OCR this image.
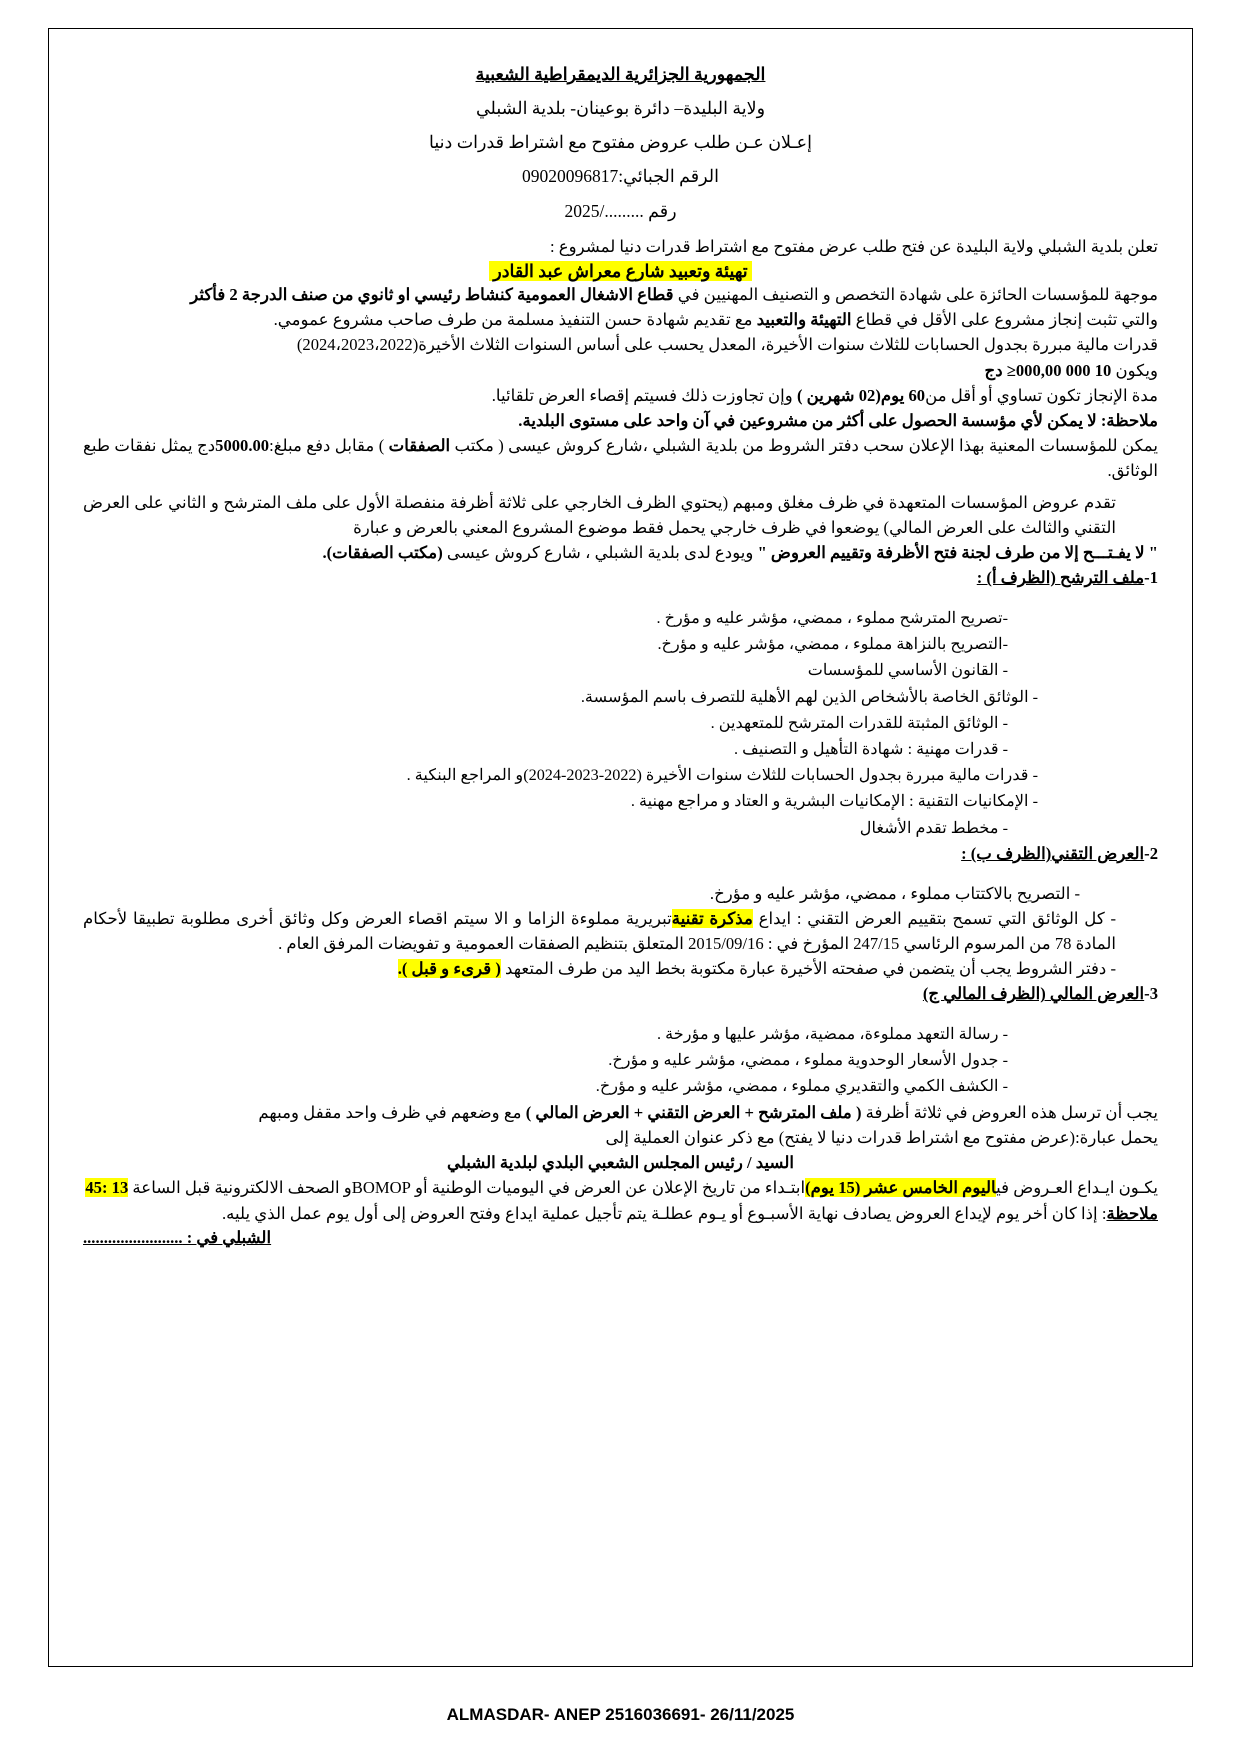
الجمهورية الجزائرية الديمقراطية الشعبية
ولاية البليدة– دائرة بوعينان- بلدية الشبلي
إعـلان عـن طلب عروض مفتوح مع اشتراط قدرات دنيا
الرقم الجبائي:09020096817
رقم ........./2025

تعلن بلدية الشبلي ولاية البليدة عن فتح طلب عرض مفتوح مع اشتراط قدرات دنيا لمشروع :

تهيئة وتعبيد شارع معراش عبد القادر

موجهة للمؤسسات الحائزة على شهادة التخصص و التصنيف المهنيين في قطاع الاشغال العمومية كنشاط رئيسي او ثانوي من صنف الدرجة 2 فأكثر

والتي تثبت إنجاز مشروع على الأقل في قطاع التهيئة والتعبيد مع تقديم شهادة حسن التنفيذ مسلمة من طرف صاحب مشروع عمومي.

قدرات مالية مبررة بجدول الحسابات للثلاث سنوات الأخيرة، المعدل يحسب على أساس السنوات الثلاث الأخيرة(2024،2023،2022)

ويكون 10 000 000,00≤ دج

مدة الإنجاز تكون تساوي أو أقل من60 يوم(02 شهرين ) وإن تجاوزت ذلك فسيتم إقصاء العرض تلقائيا.

ملاحظة: لا يمكن لأي مؤسسة الحصول على أكثر من مشروعين في آن واحد على مستوى البلدية.

يمكن للمؤسسات المعنية بهذا الإعلان سحب دفتر الشروط من بلدية الشبلي ،شارع كروش عيسى ( مكتب الصفقات ) مقابل دفع مبلغ:5000.00دج يمثل نفقات طبع الوثائق.

تقدم عروض المؤسسات المتعهدة في ظرف مغلق ومبهم (يحتوي الظرف الخارجي على ثلاثة أظرفة منفصلة الأول على ملف المترشح و الثاني على العرض التقني والثالث على العرض المالي) يوضعوا في ظرف خارجي يحمل فقط موضوع المشروع المعني بالعرض و عبارة

" لا يفـتـــح إلا من طرف لجنة فتح الأظرفة وتقييم العروض " ويودع لدى بلدية الشبلي ، شارع كروش عيسى (مكتب الصفقات).

1-ملف الترشح (الظرف أ) :

-تصريح المترشح مملوء ، ممضي، مؤشر عليه و مؤرخ .
-التصريح بالنزاهة مملوء ، ممضي، مؤشر عليه و مؤرخ.
- القانون الأساسي للمؤسسات
- الوثائق الخاصة بالأشخاص الذين لهم الأهلية للتصرف باسم المؤسسة.
- الوثائق المثبتة للقدرات المترشح للمتعهدين .
- قدرات مهنية : شهادة التأهيل و التصنيف .
- قدرات مالية مبررة بجدول الحسابات للثلاث سنوات الأخيرة (2022-2023-2024)و المراجع البنكية .
- الإمكانيات التقنية : الإمكانيات البشرية و العتاد و مراجع مهنية .
- مخطط تقدم الأشغال

2-العرض التقني(الظرف ب) :

- التصريح بالاكتتاب مملوء ، ممضي، مؤشر عليه و مؤرخ.

- كل الوثائق التي تسمح بتقييم العرض التقني : ايداع مذكرة تقنيةتبريرية مملوءة الزاما و الا سيتم اقصاء العرض وكل وثائق أخرى مطلوبة تطبيقا لأحكام المادة 78 من المرسوم الرئاسي 247/15 المؤرخ في : 2015/09/16 المتعلق بتنظيم الصفقات العمومية و تفويضات المرفق العام .

- دفتر الشروط يجب أن يتضمن في صفحته الأخيرة عبارة مكتوبة بخط اليد من طرف المتعهد ( قرىء و قبل ).

3-العرض المالي (الظرف المالي ج)

- رسالة التعهد مملوءة، ممضية، مؤشر عليها و مؤرخة .
- جدول الأسعار الوحدوية مملوء ، ممضي، مؤشر عليه و مؤرخ.
- الكشف الكمي والتقديري مملوء ، ممضي، مؤشر عليه و مؤرخ.

يجب أن ترسل هذه العروض في ثلاثة أظرفة ( ملف المترشح + العرض التقني + العرض المالي ) مع وضعهم في ظرف واحد مقفل ومبهم

يحمل عبارة:(عرض مفتوح مع اشتراط قدرات دنيا لا يفتح) مع ذكر عنوان العملية إلى

السيد / رئيس المجلس الشعبي البلدي لبلدية الشبلي

يكـون ايـداع العـروض فياليوم الخامس عشر (15 يوم)ابتـداء من تاريخ الإعلان عن العرض في اليوميات الوطنية أو BOMOPو الصحف الالكترونية قبل الساعة 13 :45

ملاحظة: إذا كان أخر يوم لإيداع العروض يصادف نهاية الأسبـوع أو يـوم عطلـة يتم تأجيل عملية ايداع وفتح العروض إلى أول يوم عمل الذي يليه.

الشبلي في : ........................

ALMASDAR- ANEP 2516036691- 26/11/2025
